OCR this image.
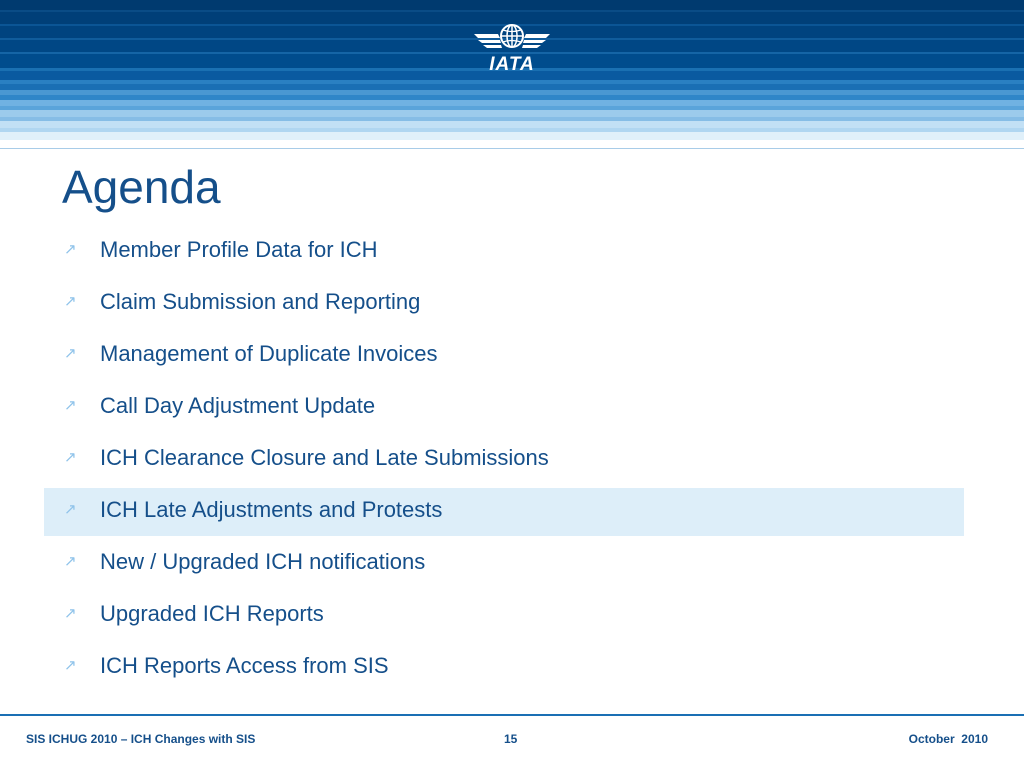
IATA
Agenda
↗ Member Profile Data for ICH
↗ Claim Submission and Reporting
↗ Management of Duplicate Invoices
↗ Call Day Adjustment Update
↗ ICH Clearance Closure and Late Submissions
↗ ICH Late Adjustments and Protests
↗ New / Upgraded ICH notifications
↗ Upgraded ICH Reports
↗ ICH Reports Access from SIS
SIS ICHUG 2010 – ICH Changes with SIS	15	October  2010
